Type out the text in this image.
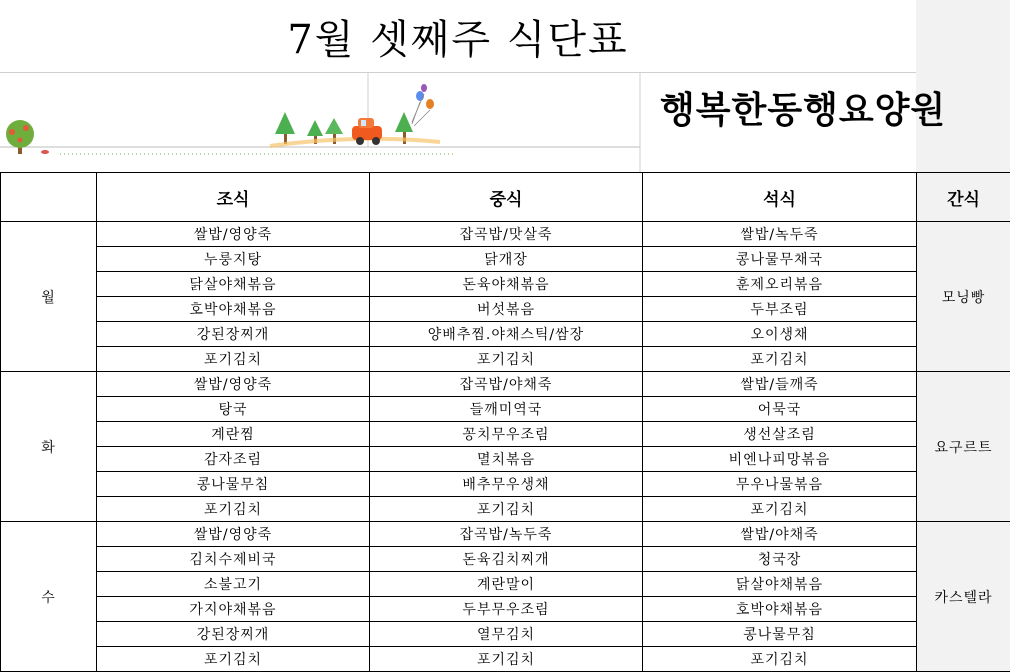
7월 셋째주 식단표
행복한동행요양원
	조식	중식	석식	간식
월	쌀밥/영양죽	잡곡밥/맛살죽	쌀밥/녹두죽	모닝빵
	누룽지탕	닭개장	콩나물무채국	
	닭살야채볶음	돈육야채볶음	훈제오리볶음	
	호박야채볶음	버섯볶음	두부조림	
	강된장찌개	양배추찜.야채스틱/쌈장	오이생채	
	포기김치	포기김치	포기김치	
화	쌀밥/영양죽	잡곡밥/야채죽	쌀밥/들깨죽	요구르트
	탕국	들깨미역국	어묵국	
	계란찜	꽁치무우조림	생선살조림	
	감자조림	멸치볶음	비엔나피망볶음	
	콩나물무침	배추무우생채	무우나물볶음	
	포기김치	포기김치	포기김치	
수	쌀밥/영양죽	잡곡밥/녹두죽	쌀밥/야채죽	카스텔라
	김치수제비국	돈육김치찌개	청국장	
	소불고기	계란말이	닭살야채볶음	
	가지야채볶음	두부무우조림	호박야채볶음	
	강된장찌개	열무김치	콩나물무침	
	포기김치	포기김치	포기김치	
